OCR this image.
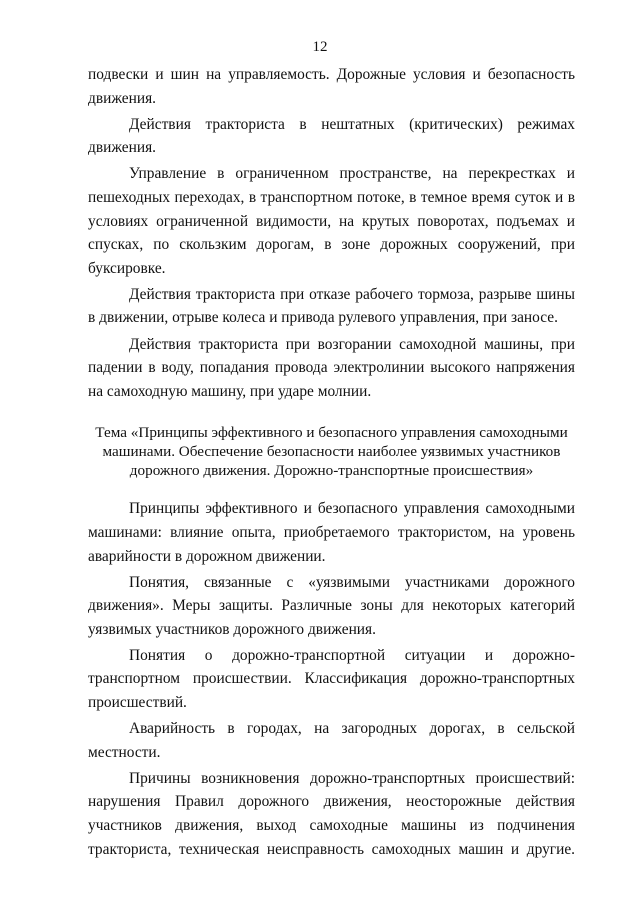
12

подвески и шин на управляемость. Дорожные условия и безопасность движения.

Действия тракториста в нештатных (критических) режимах движения.

Управление в ограниченном пространстве, на перекрестках и пешеходных переходах, в транспортном потоке, в темное время суток и в условиях ограниченной видимости, на крутых поворотах, подъемах и спусках, по скользким дорогам, в зоне дорожных сооружений, при буксировке.

Действия тракториста при отказе рабочего тормоза, разрыве шины в движении, отрыве колеса и привода рулевого управления, при заносе.

Действия тракториста при возгорании самоходной машины, при падении в воду, попадания провода электролинии высокого напряжения на самоходную машину, при ударе молнии.

Тема «Принципы эффективного и безопасного управления самоходными машинами. Обеспечение безопасности наиболее уязвимых участников дорожного движения. Дорожно-транспортные происшествия»

Принципы эффективного и безопасного управления самоходными машинами: влияние опыта, приобретаемого трактористом, на уровень аварийности в дорожном движении.

Понятия, связанные с «уязвимыми участниками дорожного движения». Меры защиты. Различные зоны для некоторых категорий уязвимых участников дорожного движения.

Понятия о дорожно-транспортной ситуации и дорожно-транспортном происшествии. Классификация дорожно-транспортных происшествий.

Аварийность в городах, на загородных дорогах, в сельской местности.

Причины возникновения дорожно-транспортных происшествий: нарушения Правил дорожного движения, неосторожные действия участников движения, выход самоходные машины из подчинения тракториста, техническая неисправность самоходных машин и другие.
